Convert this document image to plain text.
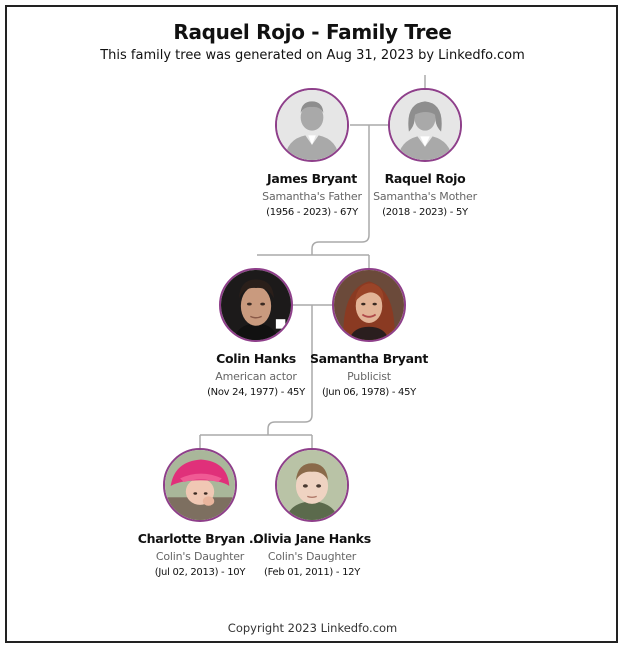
Raquel Rojo - Family Tree
This family tree was generated on Aug 31, 2023 by Linkedfo.com
James Bryant
Samantha's Father
(1956 - 2023) - 67Y
Raquel Rojo
Samantha's Mother
(2018 - 2023) - 5Y
Colin Hanks
American actor
(Nov 24, 1977) - 45Y
Samantha Bryant
Publicist
(Jun 06, 1978) - 45Y
Charlotte Bryan ...
Colin's Daughter
(Jul 02, 2013) - 10Y
Olivia Jane Hanks
Colin's Daughter
(Feb 01, 2011) - 12Y
Copyright 2023 Linkedfo.com
